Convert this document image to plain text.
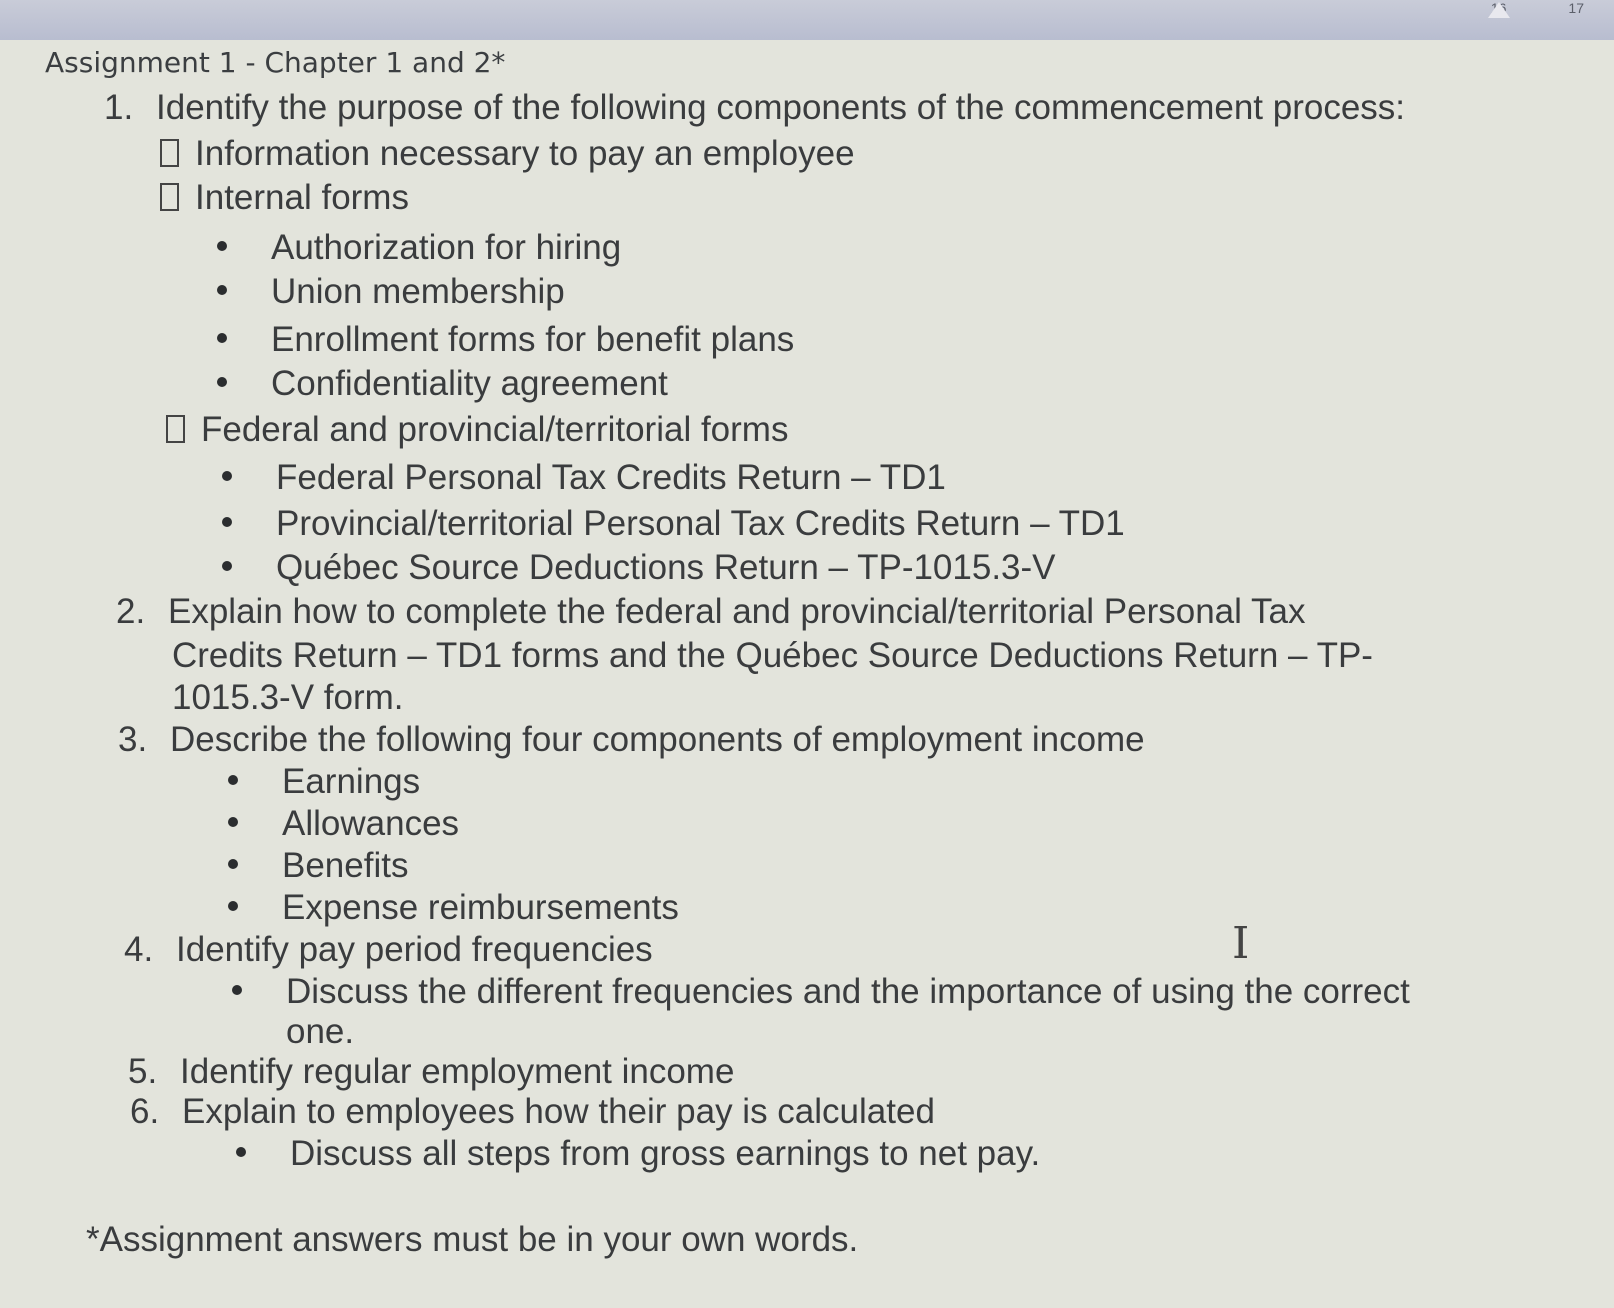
16	17
Assignment 1 - Chapter 1 and 2*
1. Identify the purpose of the following components of the commencement process:
Information necessary to pay an employee
Internal forms
Authorization for hiring
Union membership
Enrollment forms for benefit plans
Confidentiality agreement
Federal and provincial/territorial forms
Federal Personal Tax Credits Return – TD1
Provincial/territorial Personal Tax Credits Return – TD1
Québec Source Deductions Return – TP-1015.3-V
2. Explain how to complete the federal and provincial/territorial Personal Tax
Credits Return – TD1 forms and the Québec Source Deductions Return – TP-
1015.3-V form.
3. Describe the following four components of employment income
Earnings
Allowances
Benefits
Expense reimbursements
4. Identify pay period frequencies
Discuss the different frequencies and the importance of using the correct
one.
5. Identify regular employment income
6. Explain to employees how their pay is calculated
Discuss all steps from gross earnings to net pay.
*Assignment answers must be in your own words.
I
